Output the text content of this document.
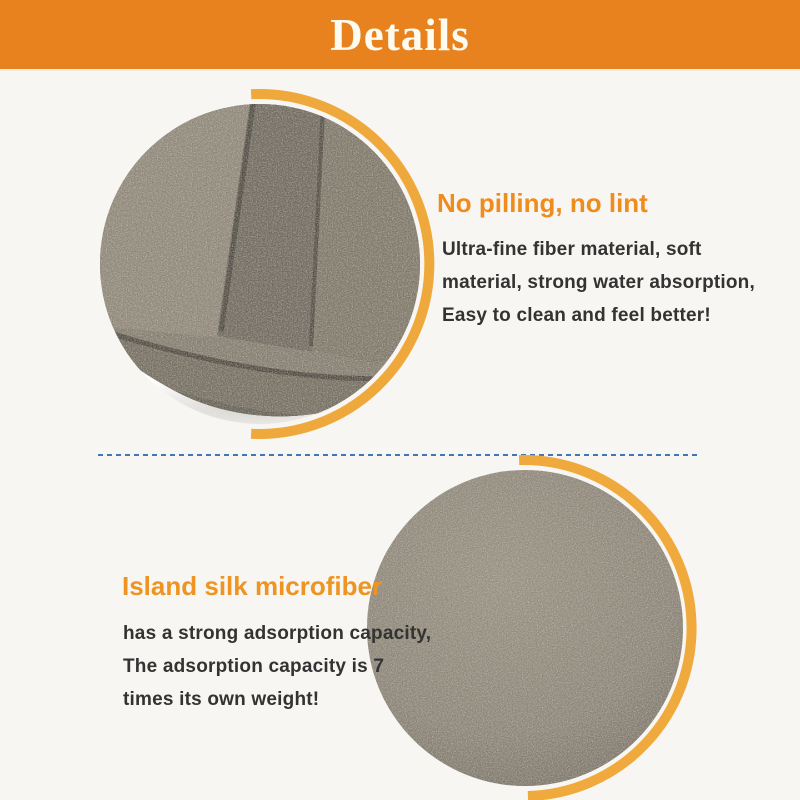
Details
No pilling, no lint
Ultra-fine fiber material, soft
material, strong water absorption,
Easy to clean and feel better!
Island silk microfiber
has a strong adsorption capacity,
The adsorption capacity is 7
times its own weight!
